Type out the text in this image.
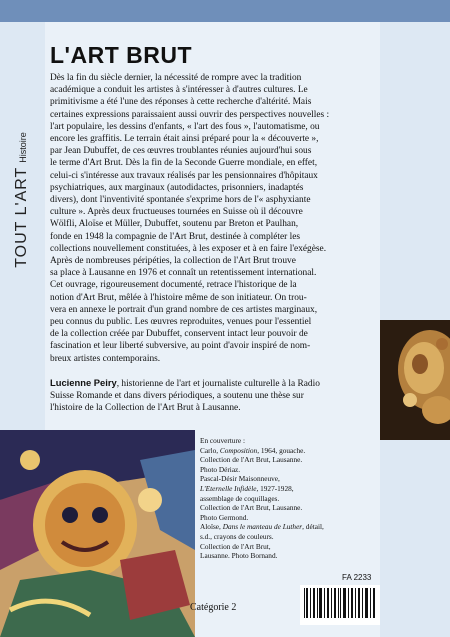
TOUT L'ARTHistoire
L'ART BRUT
Dès la fin du siècle dernier, la nécessité de rompre avec la tradition
académique a conduit les artistes à s'intéresser à d'autres cultures. Le
primitivisme a été l'une des réponses à cette recherche d'altérité. Mais
certaines expressions paraissaient aussi ouvrir des perspectives nouvelles :
l'art populaire, les dessins d'enfants, « l'art des fous », l'automatisme, ou
encore les graffitis. Le terrain était ainsi préparé pour la « découverte »,
par Jean Dubuffet, de ces œuvres troublantes réunies aujourd'hui sous
le terme d'Art Brut. Dès la fin de la Seconde Guerre mondiale, en effet,
celui-ci s'intéresse aux travaux réalisés par les pensionnaires d'hôpitaux
psychiatriques, aux marginaux (autodidactes, prisonniers, inadaptés
divers), dont l'inventivité spontanée s'exprime hors de l'« asphyxiante
culture ». Après deux fructueuses tournées en Suisse où il découvre
Wölfli, Aloïse et Müller, Dubuffet, soutenu par Breton et Paulhan,
fonde en 1948 la compagnie de l'Art Brut, destinée à compléter les
collections nouvellement constituées, à les exposer et à en faire l'exégèse.
Après de nombreuses péripéties, la collection de l'Art Brut trouve
sa place à Lausanne en 1976 et connaît un retentissement international.
Cet ouvrage, rigoureusement documenté, retrace l'historique de la
notion d'Art Brut, mêlée à l'histoire même de son initiateur. On trou-
vera en annexe le portrait d'un grand nombre de ces artistes marginaux,
peu connus du public. Les œuvres reproduites, venues pour l'essentiel
de la collection créée par Dubuffet, conservent intact leur pouvoir de
fascination et leur liberté subversive, au point d'avoir inspiré de nom-
breux artistes contemporains.
Lucienne Peiry, historienne de l'art et journaliste culturelle à la Radio
Suisse Romande et dans divers périodiques, a soutenu une thèse sur
l'histoire de la Collection de l'Art Brut à Lausanne.
En couverture :
Carlo, Composition, 1964, gouache.
Collection de l'Art Brut, Lausanne.
Photo Dériaz.
Pascal-Désir Maisonneuve,
L'Eternelle Infidèle, 1927-1928,
assemblage de coquillages.
Collection de l'Art Brut, Lausanne.
Photo Germond.
Aloïse, Dans le manteau de Luther, détail,
s.d., crayons de couleurs.
Collection de l'Art Brut,
Lausanne. Photo Bornand.
FA 2233
Catégorie 2
